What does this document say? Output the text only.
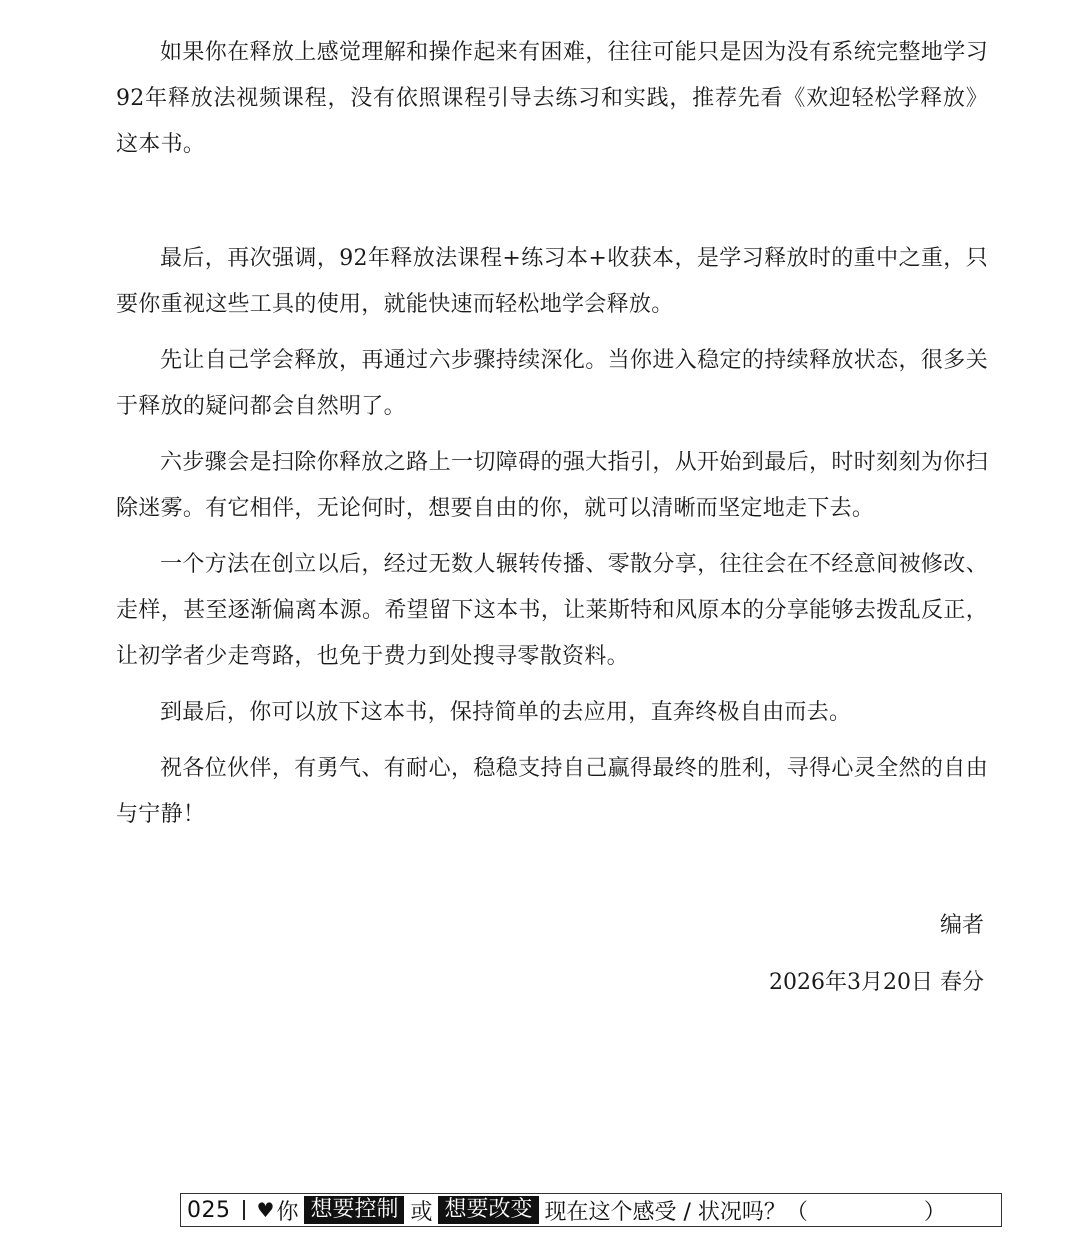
如果你在释放上感觉理解和操作起来有困难，往往可能只是因为没有系统完整地学习92年释放法视频课程，没有依照课程引导去练习和实践，推荐先看《欢迎轻松学释放》这本书。

最后，再次强调，92年释放法课程+练习本+收获本，是学习释放时的重中之重，只要你重视这些工具的使用，就能快速而轻松地学会释放。

先让自己学会释放，再通过六步骤持续深化。当你进入稳定的持续释放状态，很多关于释放的疑问都会自然明了。

六步骤会是扫除你释放之路上一切障碍的强大指引，从开始到最后，时时刻刻为你扫除迷雾。有它相伴，无论何时，想要自由的你，就可以清晰而坚定地走下去。

一个方法在创立以后，经过无数人辗转传播、零散分享，往往会在不经意间被修改、走样，甚至逐渐偏离本源。希望留下这本书，让莱斯特和风原本的分享能够去拨乱反正，让初学者少走弯路，也免于费力到处搜寻零散资料。

到最后，你可以放下这本书，保持简单的去应用，直奔终极自由而去。

祝各位伙伴，有勇气、有耐心，稳稳支持自己赢得最终的胜利，寻得心灵全然的自由与宁静！

编者
2026年3月20日 春分
025 ♥ 你 想要控制 或 想要改变 现在这个感受 / 状况吗？（	）
